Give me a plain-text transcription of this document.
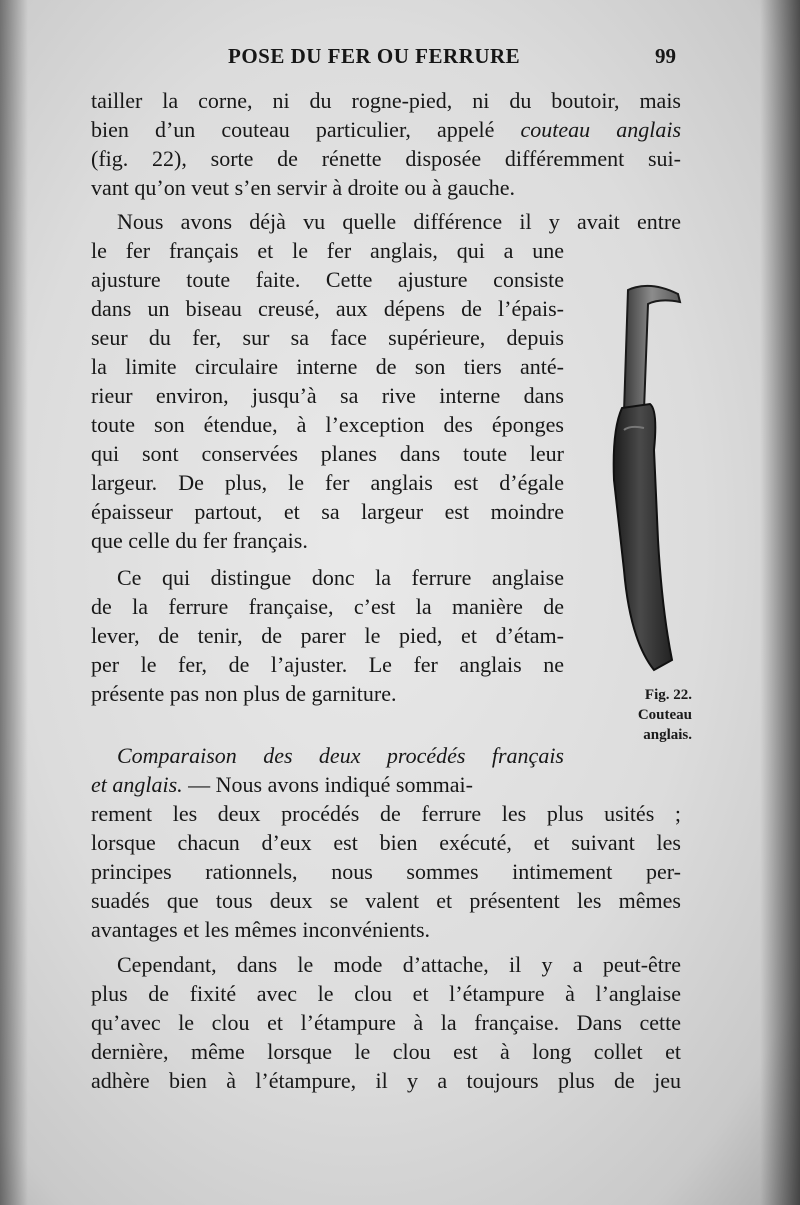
POSE DU FER OU FERRURE	99
tailler la corne, ni du rogne-pied, ni du boutoir, mais
bien d’un couteau particulier, appelé couteau anglais
(fig. 22), sorte de rénette disposée différemment sui-
vant qu’on veut s’en servir à droite ou à gauche.
Nous avons déjà vu quelle différence il y avait entre
le fer français et le fer anglais, qui a une
ajusture toute faite. Cette ajusture consiste
dans un biseau creusé, aux dépens de l’épais-
seur du fer, sur sa face supérieure, depuis
la limite circulaire interne de son tiers anté-
rieur environ, jusqu’à sa rive interne dans
toute son étendue, à l’exception des éponges
qui sont conservées planes dans toute leur
largeur. De plus, le fer anglais est d’égale
épaisseur partout, et sa largeur est moindre
que celle du fer français.
Ce qui distingue donc la ferrure anglaise
de la ferrure française, c’est la manière de
lever, de tenir, de parer le pied, et d’étam-
per le fer, de l’ajuster. Le fer anglais ne
présente pas non plus de garniture.
Comparaison des deux procédés français
et anglais. — Nous avons indiqué sommai-
rement les deux procédés de ferrure les plus usités ;
lorsque chacun d’eux est bien exécuté, et suivant les
principes rationnels, nous sommes intimement per-
suadés que tous deux se valent et présentent les mêmes
avantages et les mêmes inconvénients.
Cependant, dans le mode d’attache, il y a peut-être
plus de fixité avec le clou et l’étampure à l’anglaise
qu’avec le clou et l’étampure à la française. Dans cette
dernière, même lorsque le clou est à long collet et
adhère bien à l’étampure, il y a toujours plus de jeu
Fig. 22.
Couteau
anglais.
